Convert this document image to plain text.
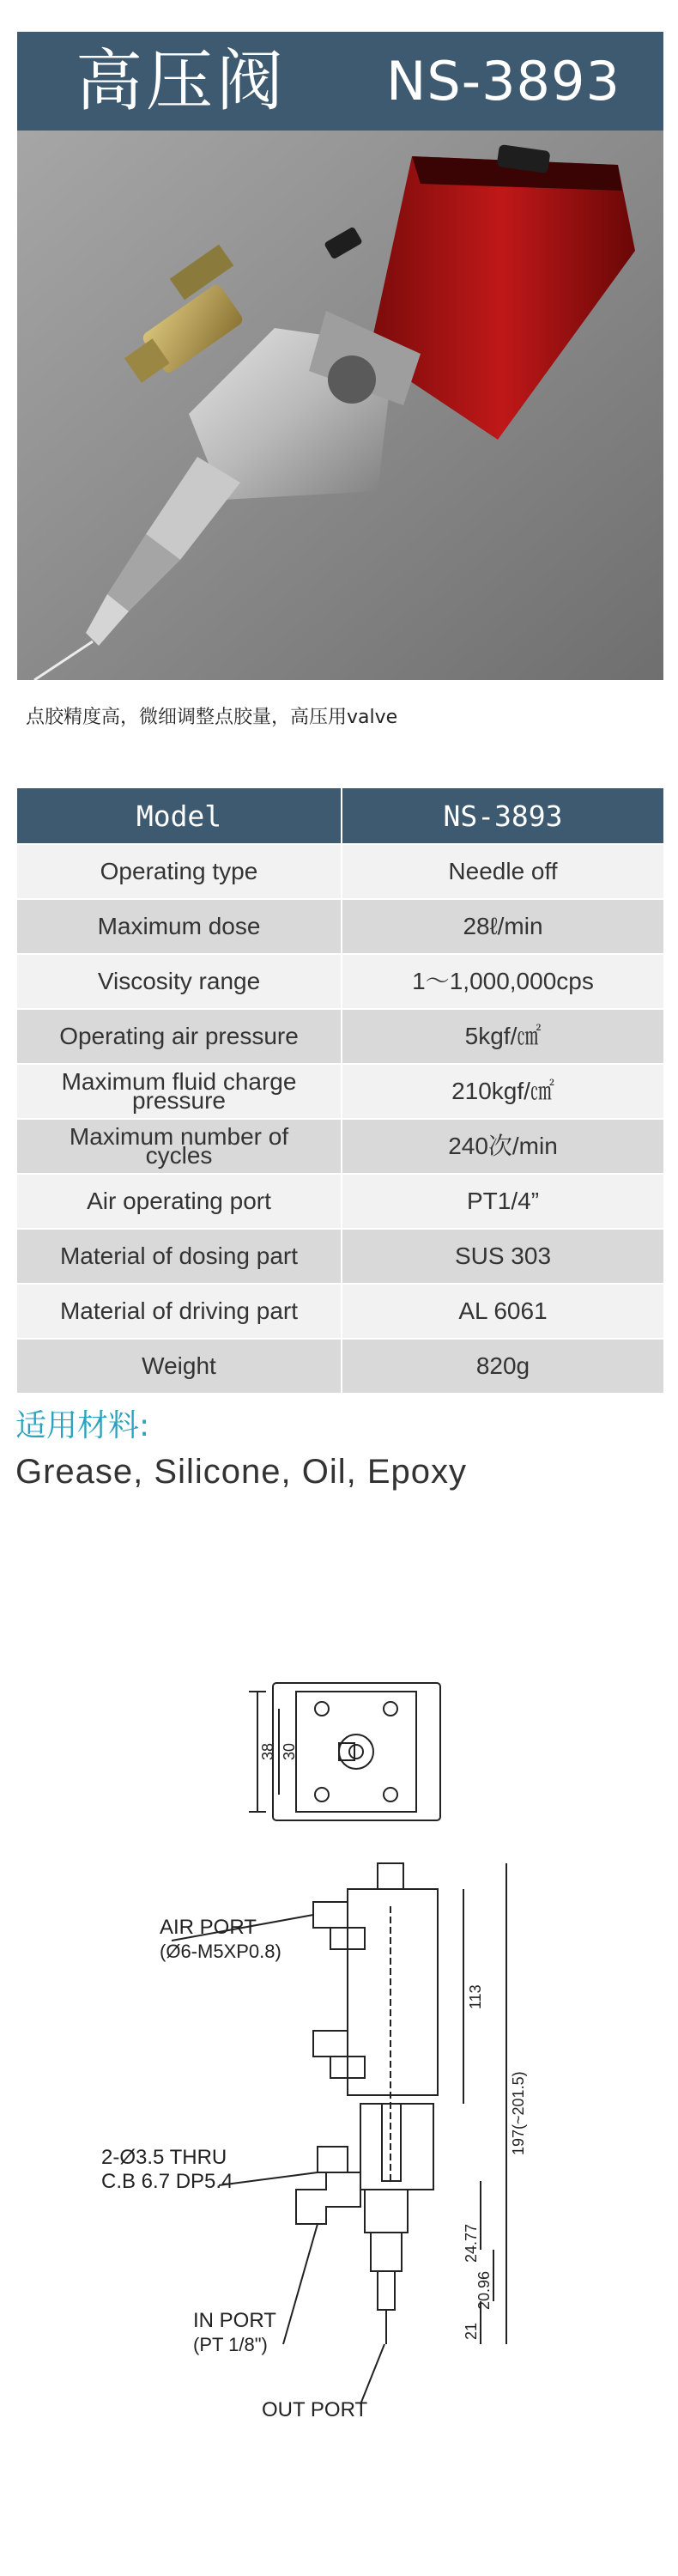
高压阀 NS-3893
点胶精度高，微细调整点胶量，高压用valve
Model	NS-3893
Operating type	Needle off
Maximum dose	28ℓ/min
Viscosity range	1〜1,000,000cps
Operating air pressure	5kgf/㎠

Maximum fluid charge
pressure	210kgf/㎠

Maximum number of
cycles	240次/min
Air operating port	PT1/4”
Material of dosing part	SUS 303
Material of driving part	AL 6061
Weight	820g
适用材料:
Grease, Silicone, Oil, Epoxy
AIR PORT
(Ø6-M5XP0.8)
2-Ø3.5 THRU
C.B 6.7 DP5.4
IN PORT
(PT 1/8")
OUT PORT
38 30
113
197(~201.5)
24.77
20.96
21
